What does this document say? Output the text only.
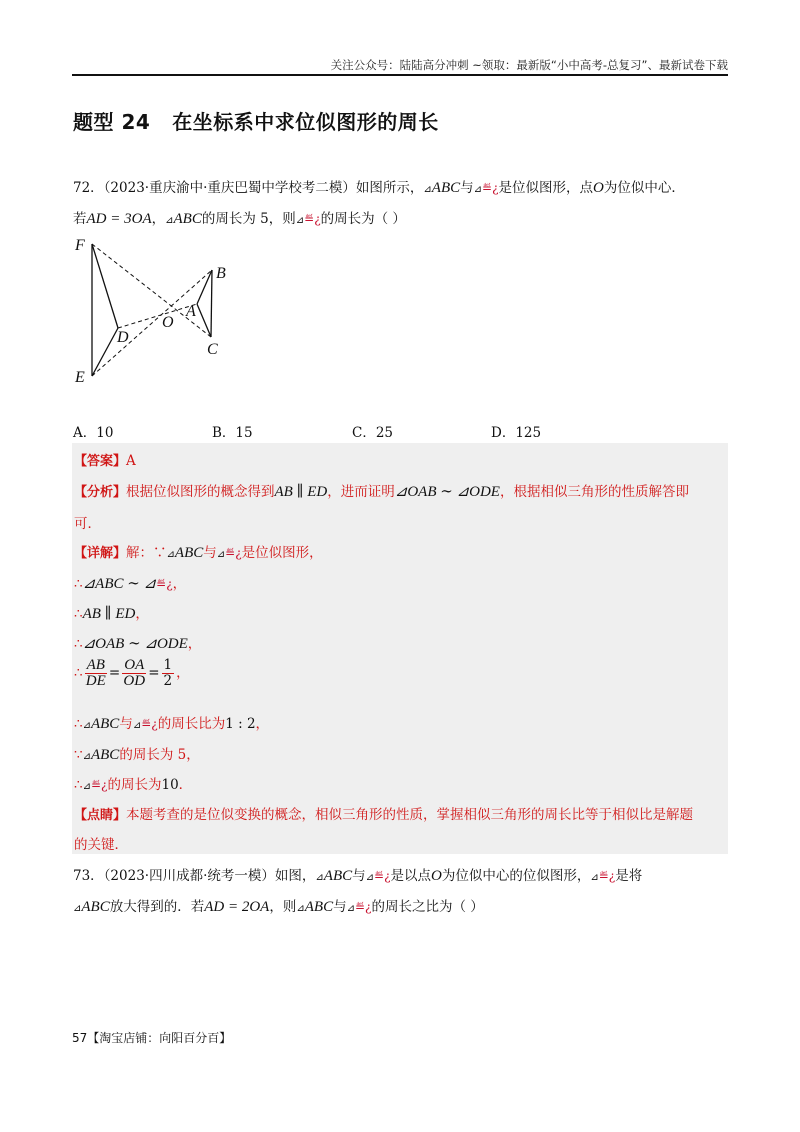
关注公众号：陆陆高分冲刺 ~领取：最新版“小中高考-总复习”、最新试卷下载
题型 24 在坐标系中求位似图形的周长
72．（2023·重庆渝中·重庆巴蜀中学校考二模）如图所示，⊿ABC与⊿≝¿是位似图形，点O为位似中心．
若AD = 3OA，⊿ABC的周长为 5，则⊿≝¿的周长为（ ）
F
B
A
O
D
C
E
A．10	B．15	C．25	D．125
【答案】A
【分析】根据位似图形的概念得到AB ∥ ED，进而证明⊿OAB ∼ ⊿ODE，根据相似三角形的性质解答即
可．
【详解】解：∵⊿ABC与⊿≝¿是位似图形，
∴⊿ABC ∼ ⊿≝¿，
∴AB ∥ ED，
∴⊿OAB ∼ ⊿ODE，
∴ $\frac{AB}{DE} = \frac{OA}{OD} = \frac{1}{2}$ ，
∴⊿ABC与⊿≝¿的周长比为1 : 2，
∵⊿ABC的周长为 5，
∴⊿≝¿的周长为10．
【点睛】本题考查的是位似变换的概念，相似三角形的性质，掌握相似三角形的周长比等于相似比是解题
的关键．
73．（2023·四川成都·统考一模）如图，⊿ABC与⊿≝¿是以点O为位似中心的位似图形，⊿≝¿是将
⊿ABC放大得到的．若AD = 2OA，则⊿ABC与⊿≝¿的周长之比为（ ）
57【淘宝店铺：向阳百分百】
